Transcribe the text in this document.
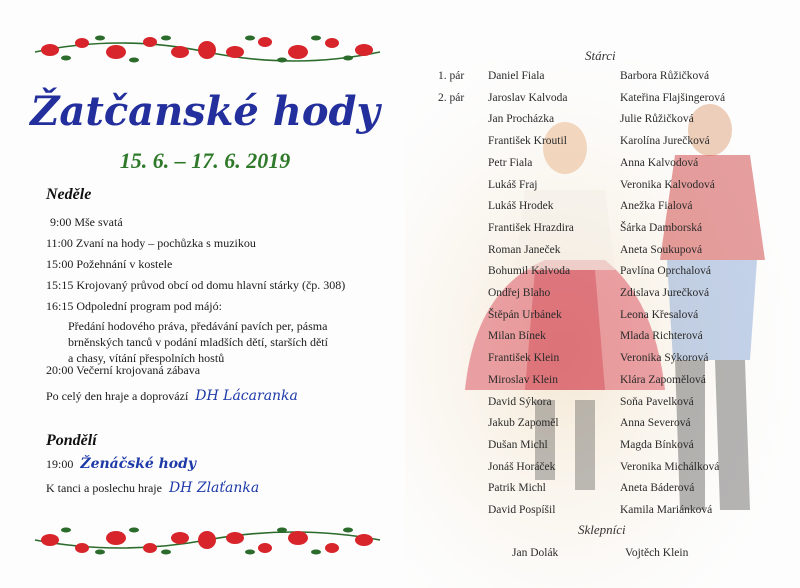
Žatčanské hody
15. 6. – 17. 6. 2019
Neděle
9:00 Mše svatá
11:00 Zvaní na hody – pochůzka s muzikou
15:00 Požehnání v kostele
15:15 Krojovaný průvod obcí od domu hlavní stárky (čp. 308)
16:15 Odpolední program pod májó:
Předání hodového práva, předávání pavích per, pásma brněnských tanců v podání mladších dětí, starších dětí a chasy, vítání přespolních hostů
20:00 Večerní krojovaná zábava
Po celý den hraje a doprovází DH Lácaranka
Pondělí
19:00 Ženáčské hody
K tanci a poslechu hraje DH Zlaťanka
Stárci
1. pár Daniel Fiala	Barbora Růžičková
2. pár Jaroslav Kalvoda	Kateřina Flajšingerová
Jan Procházka	Julie Růžičková
František Kroutil	Karolína Jurečková
Petr Fiala	Anna Kalvodová
Lukáš Fraj	Veronika Kalvodová
Lukáš Hrodek	Anežka Fialová
František Hrazdira	Šárka Damborská
Roman Janeček	Aneta Soukupová
Bohumil Kalvoda	Pavlína Oprchalová
Ondřej Blaho	Zdislava Jurečková
Štěpán Urbánek	Leona Křesalová
Milan Bínek	Mlada Richterová
František Klein	Veronika Sýkorová
Miroslav Klein	Klára Zapomělová
David Sýkora	Soňa Pavelková
Jakub Zapoměl	Anna Severová
Dušan Michl	Magda Bínková
Jonáš Horáček	Veronika Michálková
Patrik Michl	Aneta Báderová
David Pospíšil	Kamila Mariánková
Sklepníci
Jan Dolák	Vojtěch Klein
